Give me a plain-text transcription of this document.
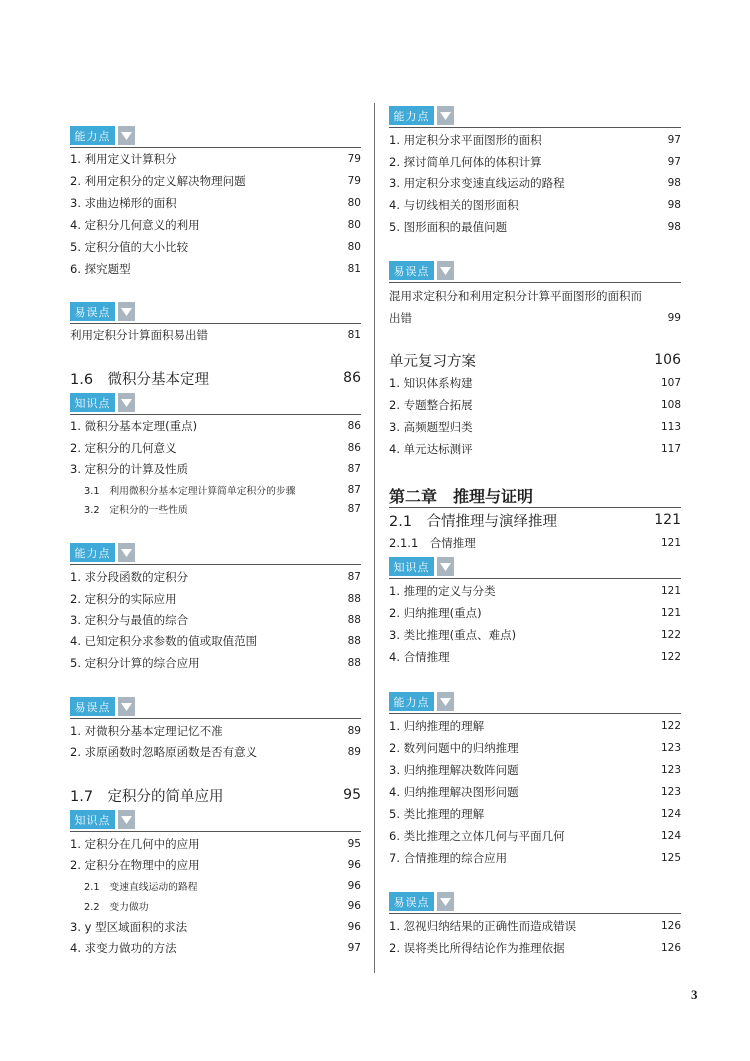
能力点
1. 利用定义计算积分	79
2. 利用定积分的定义解决物理问题	79
3. 求曲边梯形的面积	80
4. 定积分几何意义的利用	80
5. 定积分值的大小比较	80
6. 探究题型	81
易误点
利用定积分计算面积易出错	81
1.6　微积分基本定理	86
知识点
1. 微积分基本定理(重点)	86
2. 定积分的几何意义	86
3. 定积分的计算及性质	87
3.1　利用微积分基本定理计算简单定积分的步骤	87
3.2　定积分的一些性质	87
能力点
1. 求分段函数的定积分	87
2. 定积分的实际应用	88
3. 定积分与最值的综合	88
4. 已知定积分求参数的值或取值范围	88
5. 定积分计算的综合应用	88
易误点
1. 对微积分基本定理记忆不准	89
2. 求原函数时忽略原函数是否有意义	89
1.7　定积分的简单应用	95
知识点
1. 定积分在几何中的应用	95
2. 定积分在物理中的应用	96
2.1　变速直线运动的路程	96
2.2　变力做功	96
3. y 型区域面积的求法	96
4. 求变力做功的方法	97
能力点
1. 用定积分求平面图形的面积	97
2. 探讨简单几何体的体积计算	97
3. 用定积分求变速直线运动的路程	98
4. 与切线相关的图形面积	98
5. 图形面积的最值问题	98
易误点
混用求定积分和利用定积分计算平面图形的面积而
出错	99
单元复习方案	106
1. 知识体系构建	107
2. 专题整合拓展	108
3. 高频题型归类	113
4. 单元达标测评	117
第二章　推理与证明
2.1　合情推理与演绎推理	121
2.1.1　合情推理	121
知识点
1. 推理的定义与分类	121
2. 归纳推理(重点)	121
3. 类比推理(重点、难点)	122
4. 合情推理	122
能力点
1. 归纳推理的理解	122
2. 数列问题中的归纳推理	123
3. 归纳推理解决数阵问题	123
4. 归纳推理解决图形问题	123
5. 类比推理的理解	124
6. 类比推理之立体几何与平面几何	124
7. 合情推理的综合应用	125
易误点
1. 忽视归纳结果的正确性而造成错误	126
2. 误将类比所得结论作为推理依据	126
3
